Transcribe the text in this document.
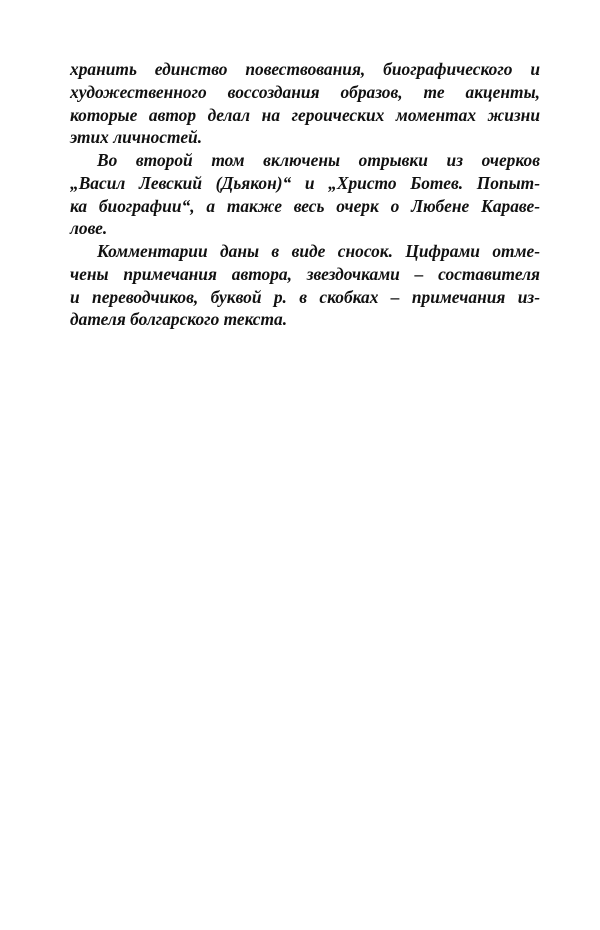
хранить единство повествования, биографического и
художественного воссоздания образов, те акценты,
которые автор делал на героических моментах жизни
этих личностей.
Во второй том включены отрывки из очерков
„Васил Левский (Дьякон)“ и „Христо Ботев. Попыт-
ка биографии“, а также весь очерк о Любене Караве-
лове.
Комментарии даны в виде сносок. Цифрами отме-
чены примечания автора, звездочками – составителя
и переводчиков, буквой р. в скобках – примечания из-
дателя болгарского текста.
